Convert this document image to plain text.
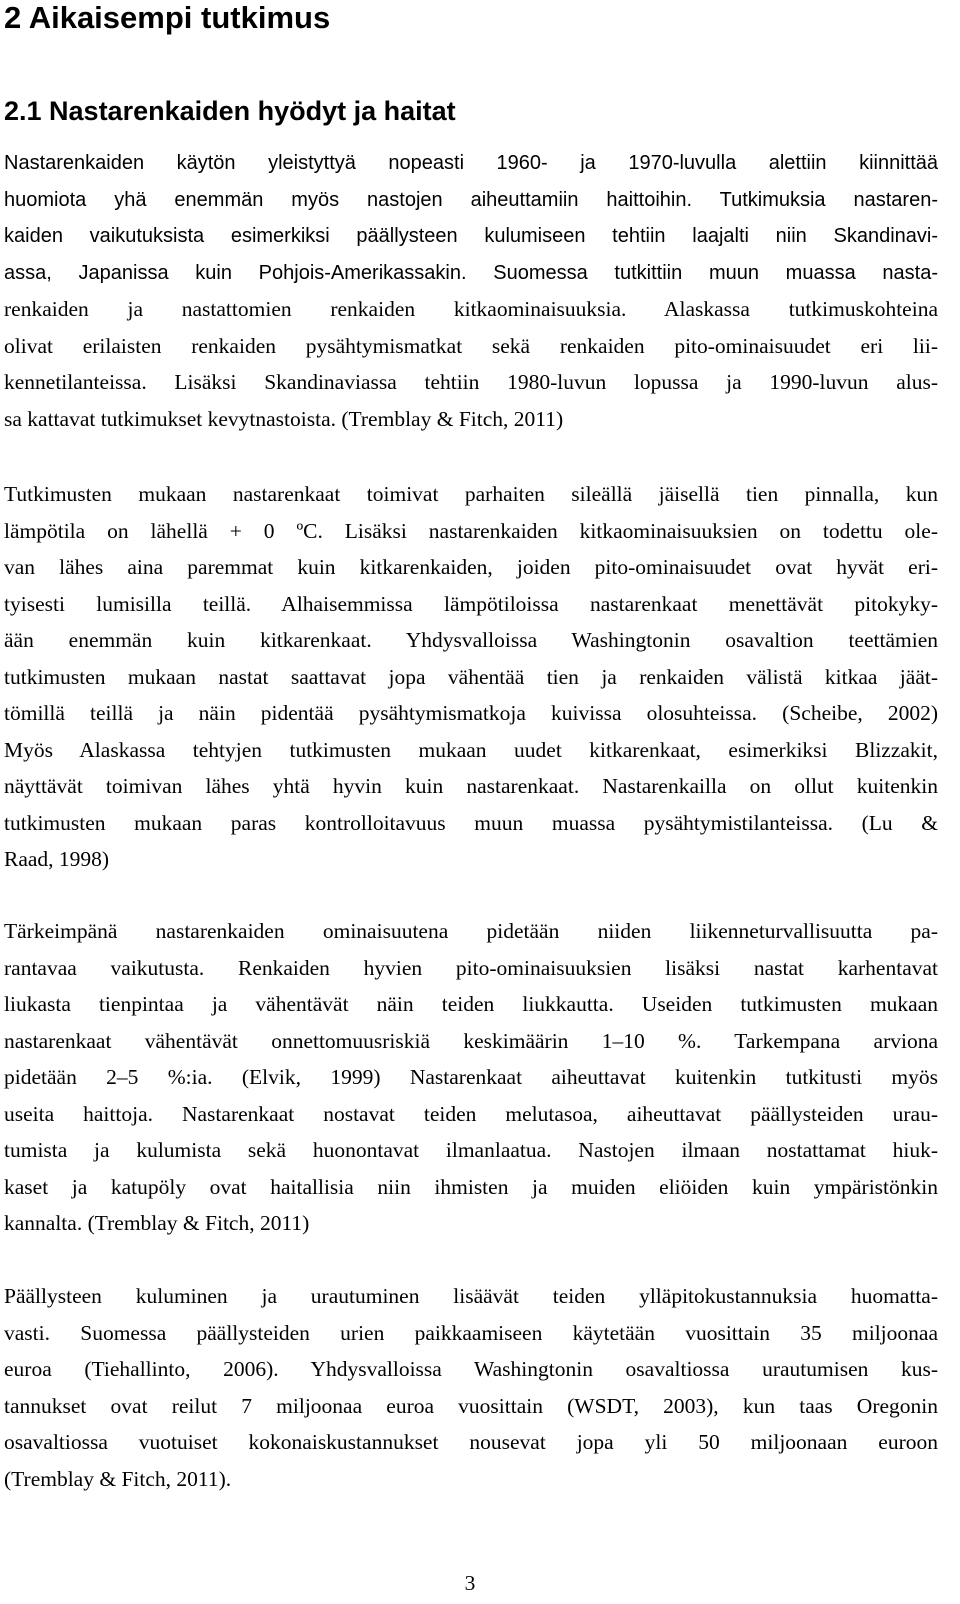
2 Aikaisempi tutkimus
2.1 Nastarenkaiden hyödyt ja haitat
Nastarenkaiden käytön yleistyttyä nopeasti 1960- ja 1970-luvulla alettiin kiinnittää
huomiota yhä enemmän myös nastojen aiheuttamiin haittoihin. Tutkimuksia nastaren-
kaiden vaikutuksista esimerkiksi päällysteen kulumiseen tehtiin laajalti niin Skandinavi-
assa, Japanissa kuin Pohjois-Amerikassakin. Suomessa tutkittiin muun muassa nasta-
renkaiden ja nastattomien renkaiden kitkaominaisuuksia. Alaskassa tutkimuskohteina
olivat erilaisten renkaiden pysähtymismatkat sekä renkaiden pito-ominaisuudet eri lii-
kennetilanteissa. Lisäksi Skandinaviassa tehtiin 1980-luvun lopussa ja 1990-luvun alus-
sa kattavat tutkimukset kevytnastoista. (Tremblay & Fitch, 2011)
Tutkimusten mukaan nastarenkaat toimivat parhaiten sileällä jäisellä tien pinnalla, kun
lämpötila on lähellä + 0 ºC. Lisäksi nastarenkaiden kitkaominaisuuksien on todettu ole-
van lähes aina paremmat kuin kitkarenkaiden, joiden pito-ominaisuudet ovat hyvät eri-
tyisesti lumisilla teillä. Alhaisemmissa lämpötiloissa nastarenkaat menettävät pitokyky-
ään enemmän kuin kitkarenkaat. Yhdysvalloissa Washingtonin osavaltion teettämien
tutkimusten mukaan nastat saattavat jopa vähentää tien ja renkaiden välistä kitkaa jäät-
tömillä teillä ja näin pidentää pysähtymismatkoja kuivissa olosuhteissa. (Scheibe, 2002)
Myös Alaskassa tehtyjen tutkimusten mukaan uudet kitkarenkaat, esimerkiksi Blizzakit,
näyttävät toimivan lähes yhtä hyvin kuin nastarenkaat. Nastarenkailla on ollut kuitenkin
tutkimusten mukaan paras kontrolloitavuus muun muassa pysähtymistilanteissa. (Lu &
Raad, 1998)
Tärkeimpänä nastarenkaiden ominaisuutena pidetään niiden liikenneturvallisuutta pa-
rantavaa vaikutusta. Renkaiden hyvien pito-ominaisuuksien lisäksi nastat karhentavat
liukasta tienpintaa ja vähentävät näin teiden liukkautta. Useiden tutkimusten mukaan
nastarenkaat vähentävät onnettomuusriskiä keskimäärin 1–10 %. Tarkempana arviona
pidetään 2–5 %:ia. (Elvik, 1999) Nastarenkaat aiheuttavat kuitenkin tutkitusti myös
useita haittoja. Nastarenkaat nostavat teiden melutasoa, aiheuttavat päällysteiden urau-
tumista ja kulumista sekä huonontavat ilmanlaatua. Nastojen ilmaan nostattamat hiuk-
kaset ja katupöly ovat haitallisia niin ihmisten ja muiden eliöiden kuin ympäristönkin
kannalta. (Tremblay & Fitch, 2011)
Päällysteen kuluminen ja urautuminen lisäävät teiden ylläpitokustannuksia huomatta-
vasti. Suomessa päällysteiden urien paikkaamiseen käytetään vuosittain 35 miljoonaa
euroa (Tiehallinto, 2006). Yhdysvalloissa Washingtonin osavaltiossa urautumisen kus-
tannukset ovat reilut 7 miljoonaa euroa vuosittain (WSDT, 2003), kun taas Oregonin
osavaltiossa vuotuiset kokonaiskustannukset nousevat jopa yli 50 miljoonaan euroon
(Tremblay & Fitch, 2011).
3
